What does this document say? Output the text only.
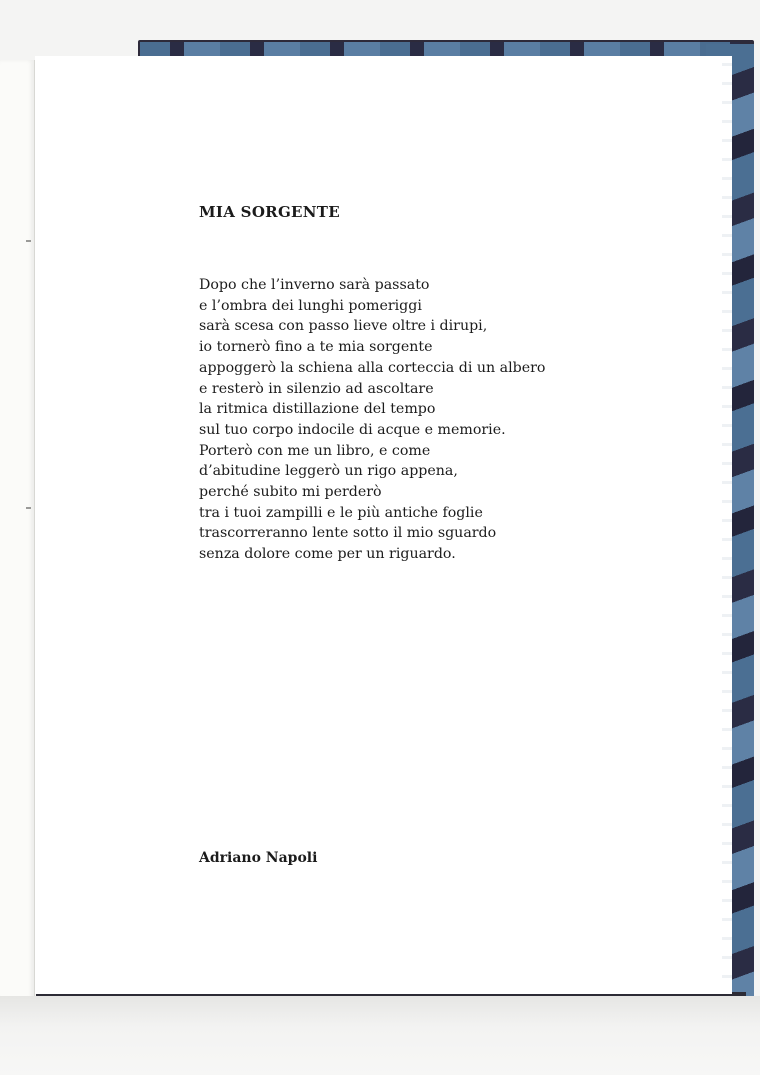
MIA SORGENTE
Dopo che l’inverno sarà passato
e l’ombra dei lunghi pomeriggi
sarà scesa con passo lieve oltre i dirupi,
io tornerò fino a te mia sorgente
appoggerò la schiena alla corteccia di un albero
e resterò in silenzio ad ascoltare
la ritmica distillazione del tempo
sul tuo corpo indocile di acque e memorie.
Porterò con me un libro, e come
d’abitudine leggerò un rigo appena,
perché subito mi perderò
tra i tuoi zampilli e le più antiche foglie
trascorreranno lente sotto il mio sguardo
senza dolore come per un riguardo.
Adriano Napoli
